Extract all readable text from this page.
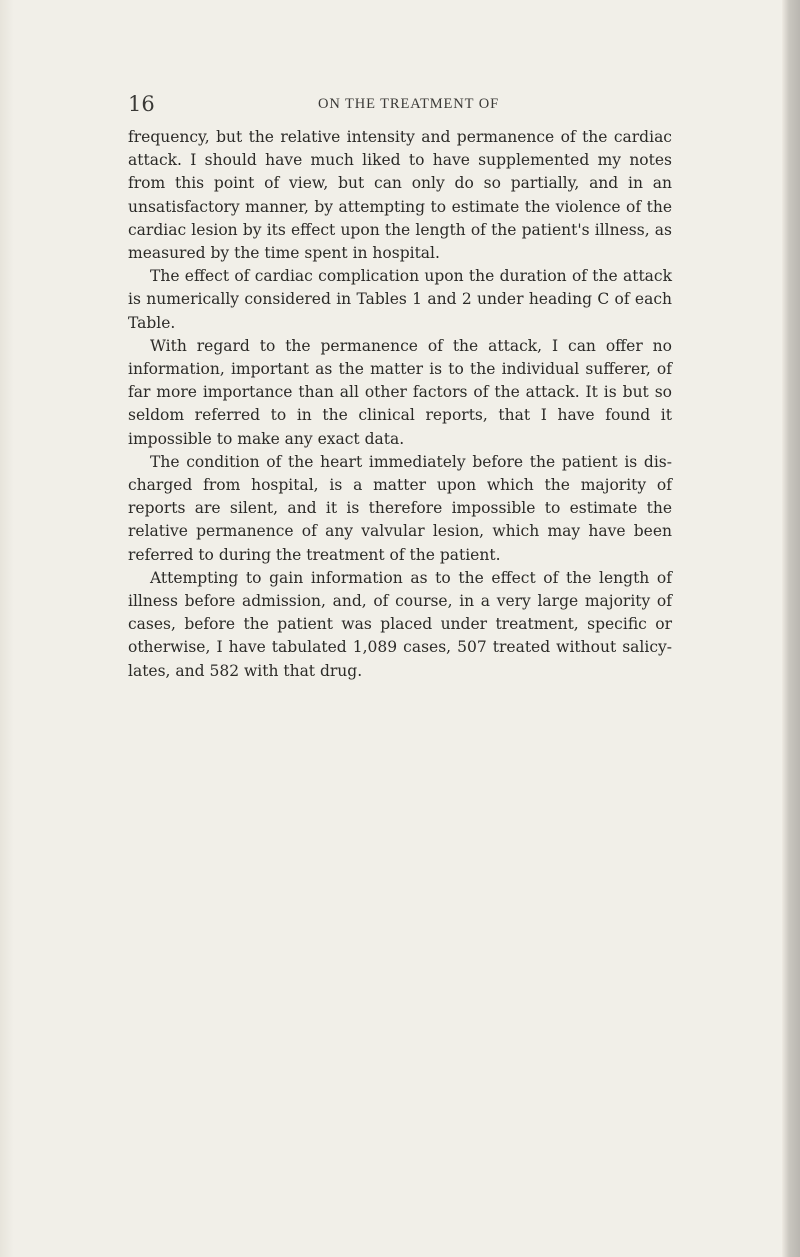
16	ON THE TREATMENT OF

frequency, but the relative intensity and permanence of the cardiac attack. I should have much liked to have supplemented my notes from this point of view, but can only do so partially, and in an unsatisfactory manner, by attempting to estimate the violence of the cardiac lesion by its effect upon the length of the patient's illness, as measured by the time spent in hospital.

The effect of cardiac complication upon the duration of the attack is numerically considered in Tables 1 and 2 under heading C of each Table.

With regard to the permanence of the attack, I can offer no information, important as the matter is to the individual sufferer, of far more importance than all other factors of the attack. It is but so seldom referred to in the clinical reports, that I have found it impossible to make any exact data.

The condition of the heart immediately before the patient is dis-charged from hospital, is a matter upon which the majority of reports are silent, and it is therefore impossible to estimate the relative permanence of any valvular lesion, which may have been referred to during the treatment of the patient.

Attempting to gain information as to the effect of the length of illness before admission, and, of course, in a very large majority of cases, before the patient was placed under treatment, specific or otherwise, I have tabulated 1,089 cases, 507 treated without salicy-lates, and 582 with that drug.
